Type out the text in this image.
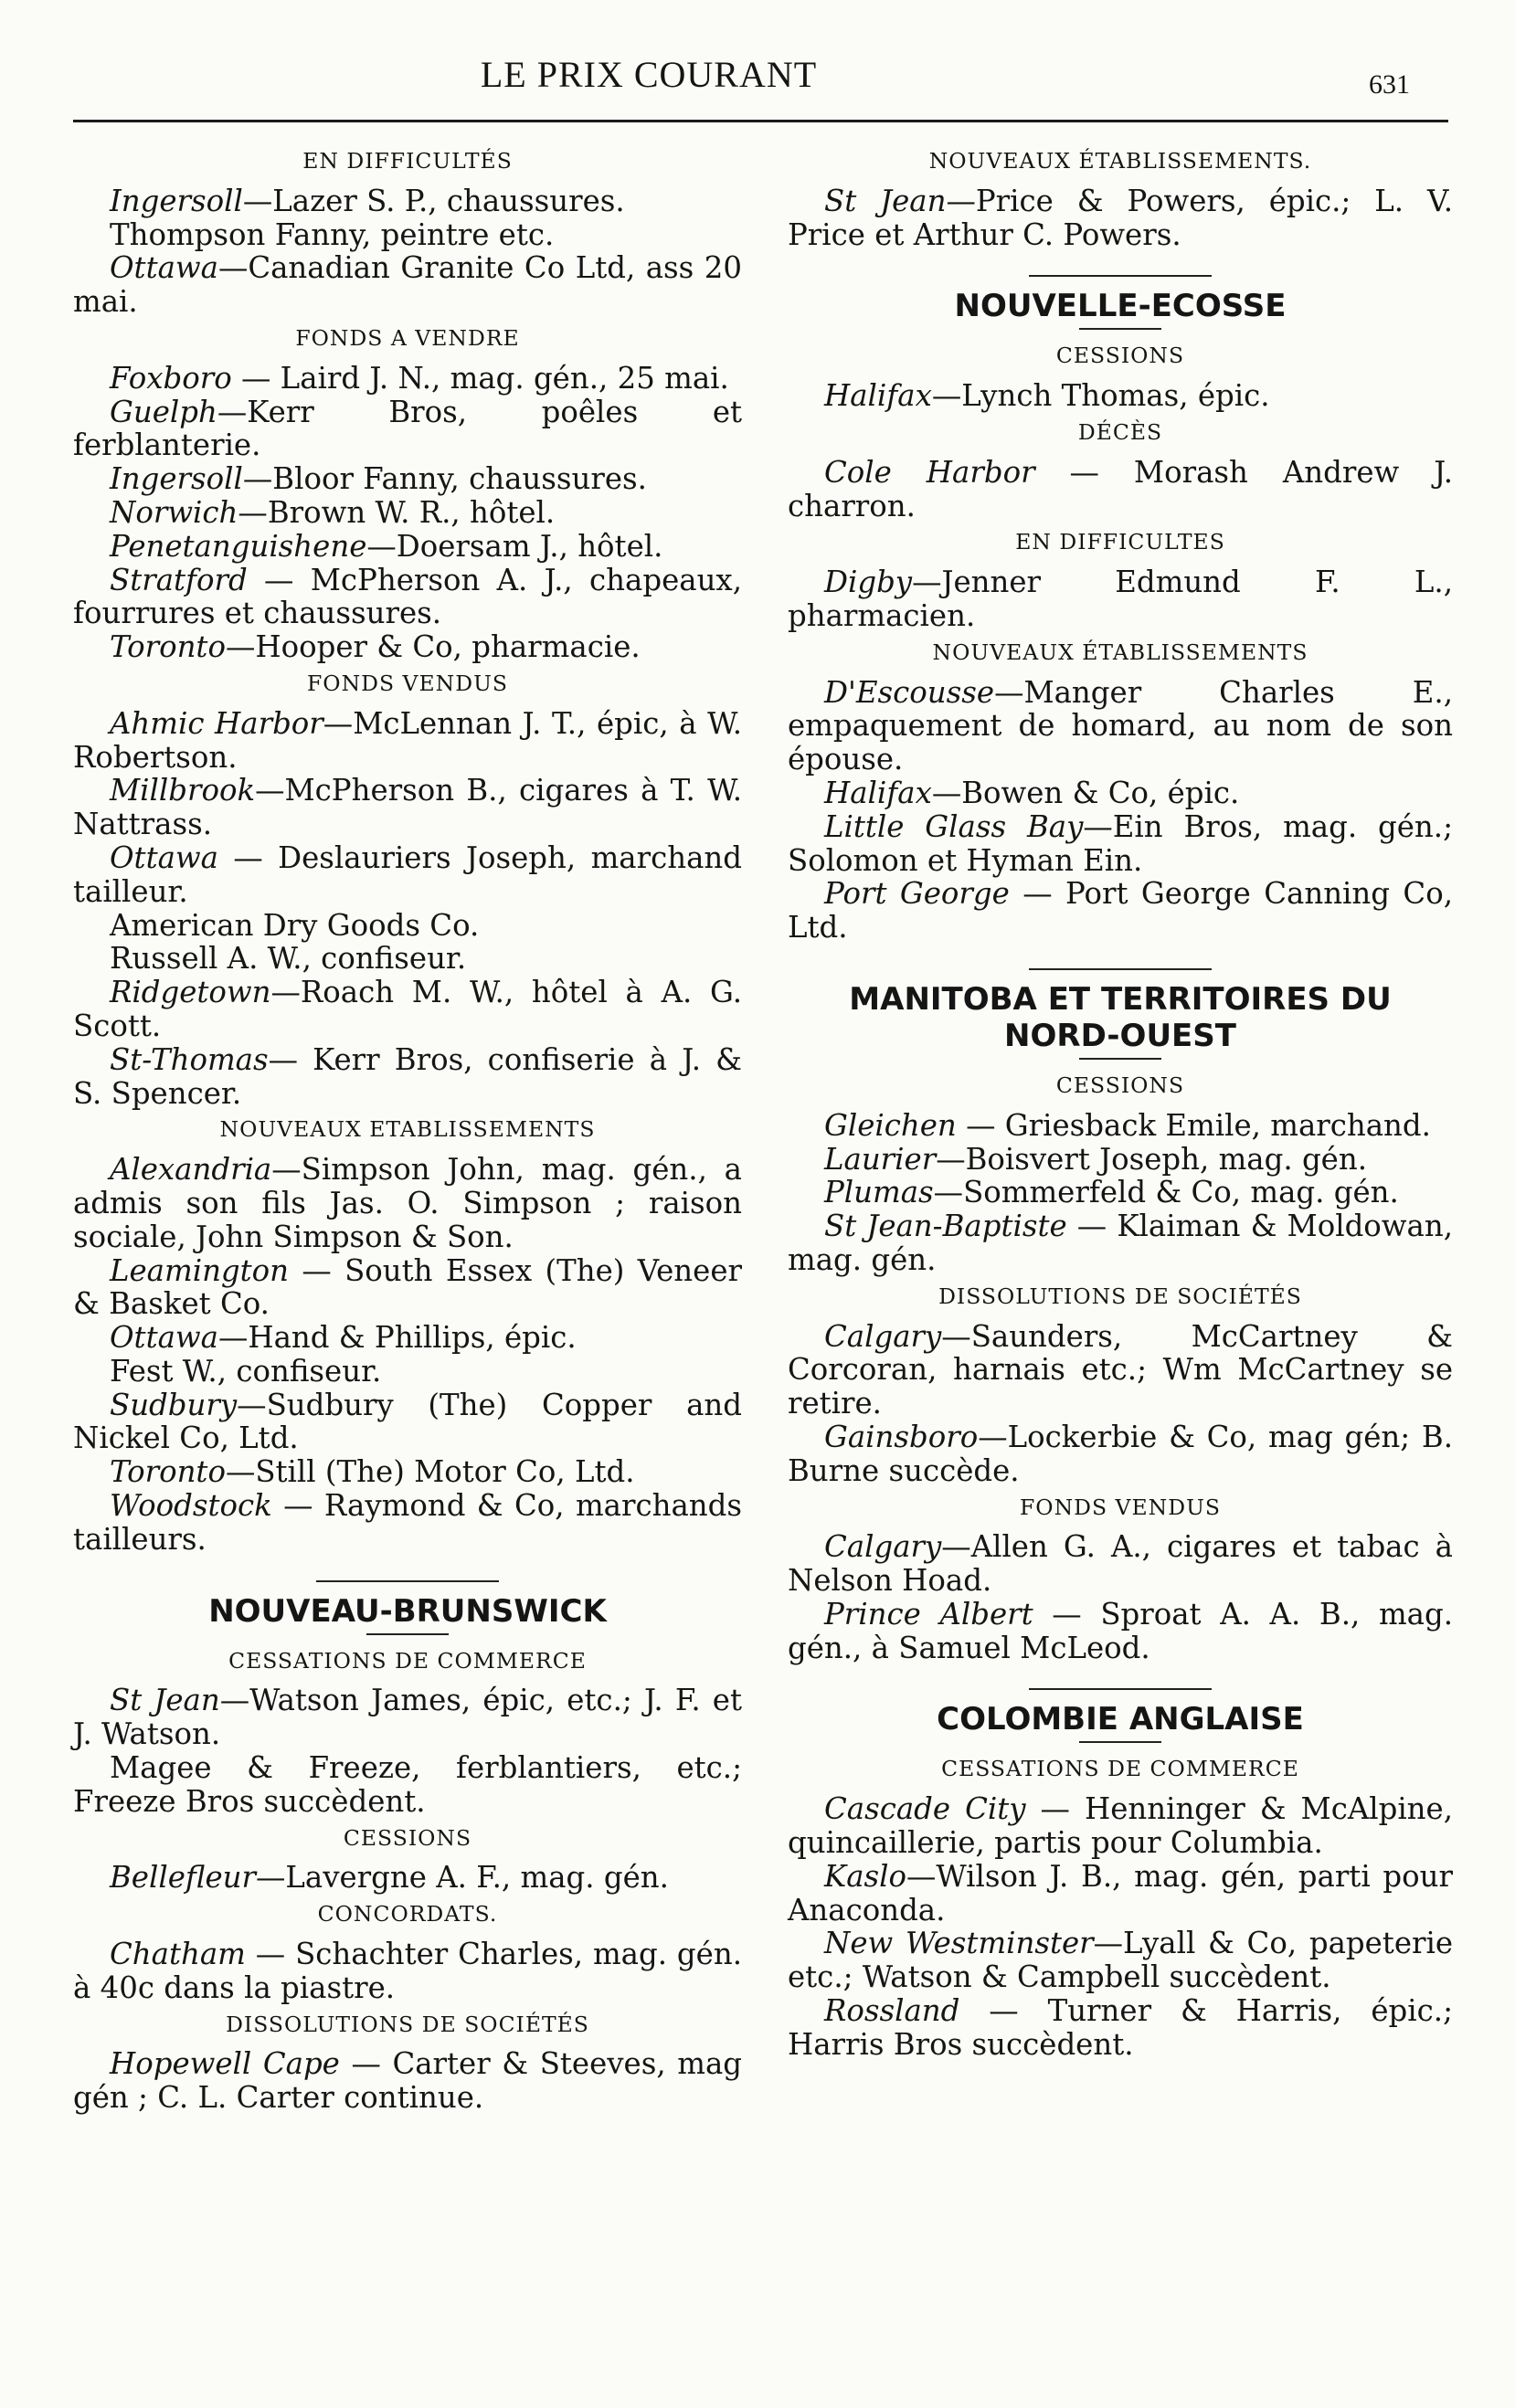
LE PRIX COURANT	631
EN DIFFICULTÉS

Ingersoll—Lazer S. P., chaussures.

Thompson Fanny, peintre etc.

Ottawa—Canadian Granite Co Ltd, ass 20 mai.

FONDS A VENDRE

Foxboro — Laird J. N., mag. gén., 25 mai.

Guelph—Kerr Bros, poêles et ferblanterie.

Ingersoll—Bloor Fanny, chaussures.

Norwich—Brown W. R., hôtel.

Penetanguishene—Doersam J., hôtel.

Stratford — McPherson A. J., chapeaux, fourrures et chaussures.

Toronto—Hooper & Co, pharmacie.

FONDS VENDUS

Ahmic Harbor—McLennan J. T., épic, à W. Robertson.

Millbrook—McPherson B., cigares à T. W. Nattrass.

Ottawa — Deslauriers Joseph, marchand tailleur.

American Dry Goods Co.

Russell A. W., confiseur.

Ridgetown—Roach M. W., hôtel à A. G. Scott.

St-Thomas— Kerr Bros, confiserie à J. & S. Spencer.

NOUVEAUX ETABLISSEMENTS

Alexandria—Simpson John, mag. gén., a admis son fils Jas. O. Simpson ; raison sociale, John Simpson & Son.

Leamington — South Essex (The) Veneer & Basket Co.

Ottawa—Hand & Phillips, épic.

Fest W., confiseur.

Sudbury—Sudbury (The) Copper and Nickel Co, Ltd.

Toronto—Still (The) Motor Co, Ltd.

Woodstock — Raymond & Co, marchands tailleurs.

NOUVEAU-BRUNSWICK
CESSATIONS DE COMMERCE

St Jean—Watson James, épic, etc.; J. F. et J. Watson.

Magee & Freeze, ferblantiers, etc.; Freeze Bros succèdent.

CESSIONS

Bellefleur—Lavergne A. F., mag. gén.

CONCORDATS.

Chatham — Schachter Charles, mag. gén. à 40c dans la piastre.

DISSOLUTIONS DE SOCIÉTÉS

Hopewell Cape — Carter & Steeves, mag gén ; C. L. Carter continue.

NOUVEAUX ÉTABLISSEMENTS.

St Jean—Price & Powers, épic.; L. V. Price et Arthur C. Powers.

NOUVELLE-ECOSSE
CESSIONS

Halifax—Lynch Thomas, épic.

DÉCÈS

Cole Harbor — Morash Andrew J. charron.

EN DIFFICULTES

Digby—Jenner Edmund F. L., pharmacien.

NOUVEAUX ÉTABLISSEMENTS

D'Escousse—Manger Charles E., empaquement de homard, au nom de son épouse.

Halifax—Bowen & Co, épic.

Little Glass Bay—Ein Bros, mag. gén.; Solomon et Hyman Ein.

Port George — Port George Canning Co, Ltd.

MANITOBA ET TERRITOIRES DU NORD-OUEST
CESSIONS

Gleichen — Griesback Emile, marchand.

Laurier—Boisvert Joseph, mag. gén.

Plumas—Sommerfeld & Co, mag. gén.

St Jean-Baptiste — Klaiman & Moldowan, mag. gén.

DISSOLUTIONS DE SOCIÉTÉS

Calgary—Saunders, McCartney & Corcoran, harnais etc.; Wm McCartney se retire.

Gainsboro—Lockerbie & Co, mag gén; B. Burne succède.

FONDS VENDUS

Calgary—Allen G. A., cigares et tabac à Nelson Hoad.

Prince Albert — Sproat A. A. B., mag. gén., à Samuel McLeod.

COLOMBIE ANGLAISE
CESSATIONS DE COMMERCE

Cascade City — Henninger & McAlpine, quincaillerie, partis pour Columbia.

Kaslo—Wilson J. B., mag. gén, parti pour Anaconda.

New Westminster—Lyall & Co, papeterie etc.; Watson & Campbell succèdent.

Rossland — Turner & Harris, épic.; Harris Bros succèdent.
